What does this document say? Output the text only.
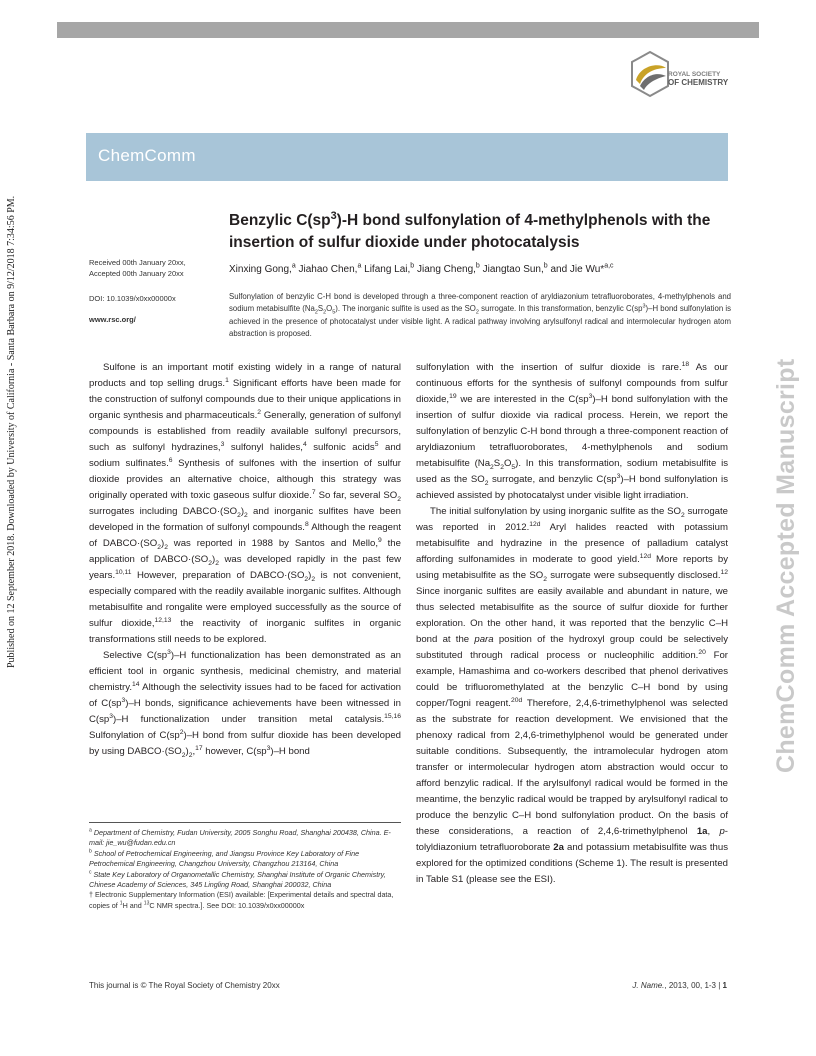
ROYAL SOCIETY
OF CHEMISTRY
ChemComm
Published on 12 September 2018. Downloaded by University of California - Santa Barbara on 9/12/2018 7:34:56 PM.	ChemComm Accepted Manuscript
Benzylic $C(sp^3)-H$ bond sulfonylation of 4-methylphenols with the
insertion of sulfur dioxide under photocatalysis
Received 00th January 20xx,
Accepted 00th January 20xx
DOI: 10.1039/x0xx00000x
www.rsc.org/
Xinxing Gong,$^a$ Jiahao Chen,$^a$ Lifang Lai,$^b$ Jiang Cheng,$^b$ Jiangtao Sun,$^b$ and Jie Wu*$^{a,c}$
Sulfonylation of benzylic C-H bond is developed through a three-component reaction of aryldiazonium tetrafluoroborates, 4-methylphenols and sodium metabisulfite $(Na_2S_2O_5)$. The inorganic sulfite is used as the $SO_2$ surrogate. In this transformation, benzylic $C(sp^3)-H$ bond sulfonylation is achieved in the presence of photocatalyst under visible light. A radical pathway involving arylsulfonyl radical and intermolecular hydrogen atom abstraction is proposed.

Sulfone is an important motif existing widely in a range of natural products and top selling drugs.$^1$ Significant efforts have been made for the construction of sulfonyl compounds due to their unique applications in organic synthesis and pharmaceuticals.$^2$ Generally, generation of sulfonyl compounds is established from readily available sulfonyl precursors, such as sulfonyl hydrazines,$^3$ sulfonyl halides,$^4$ sulfonic acids$^5$ and sodium sulfinates.$^6$ Synthesis of sulfones with the insertion of sulfur dioxide provides an alternative choice, although this strategy was originally operated with toxic gaseous sulfur dioxide.$^7$ So far, several $SO_2$ surrogates including $DABCO\cdot(SO_2)_2$ and inorganic sulfites have been developed in the formation of sulfonyl compounds.$^8$ Although the reagent of $DABCO\cdot(SO_2)_2$ was reported in 1988 by Santos and Mello,$^9$ the application of $DABCO\cdot(SO_2)_2$ was developed rapidly in the past few years.$^{10,11}$ However, preparation of $DABCO\cdot(SO_2)_2$ is not convenient, especially compared with the readily available inorganic sulfites. Although metabisulfite and rongalite were employed successfully as the source of sulfur dioxide,$^{12,13}$ the reactivity of inorganic sulfites in organic transformations still needs to be explored.

Selective $C(sp^3)-H$ functionalization has been demonstrated as an efficient tool in organic synthesis, medicinal chemistry, and material chemistry.$^{14}$ Although the selectivity issues had to be faced for activation of $C(sp^3)-H$ bonds, significance achievements have been witnessed in $C(sp^3)-H$ functionalization under transition metal catalysis.$^{15,16}$ Sulfonylation of $C(sp^2)-H$ bond from sulfur dioxide has been developed by using $DABCO\cdot(SO_2)_2,^{17}$ however, $C(sp^3)-H$ bond

$^a$ Department of Chemistry, Fudan University, 2005 Songhu Road, Shanghai 200438, China. E-mail: jie_wu@fudan.edu.cn

$^b$ School of Petrochemical Engineering, and Jiangsu Province Key Laboratory of Fine Petrochemical Engineering, Changzhou University, Changzhou 213164, China

$^c$ State Key Laboratory of Organometallic Chemistry, Shanghai Institute of Organic Chemistry, Chinese Academy of Sciences, 345 Lingling Road, Shanghai 200032, China

† Electronic Supplementary Information (ESI) available: [Experimental details and spectral data, copies of $^1$H and $^{13}$C NMR spectra.]. See DOI: 10.1039/x0xx00000x

sulfonylation with the insertion of sulfur dioxide is rare.$^{18}$ As our continuous efforts for the synthesis of sulfonyl compounds from sulfur dioxide,$^{19}$ we are interested in the $C(sp^3)-H$ bond sulfonylation with the insertion of sulfur dioxide via radical process. Herein, we report the sulfonylation of benzylic C-H bond through a three-component reaction of aryldiazonium tetrafluoroborates, 4-methylphenols and sodium metabisulfite $(Na_2S_2O_5)$. In this transformation, sodium metabisulfite is used as the $SO_2$ surrogate, and benzylic $C(sp^3)-H$ bond sulfonylation is achieved assisted by photocatalyst under visible light irradiation.

The initial sulfonylation by using inorganic sulfite as the $SO_2$ surrogate was reported in 2012.$^{12d}$ Aryl halides reacted with potassium metabisulfite and hydrazine in the presence of palladium catalyst affording sulfonamides in moderate to good yield.$^{12d}$ More reports by using metabisulfite as the $SO_2$ surrogate were subsequently disclosed.$^{12}$ Since inorganic sulfites are easily available and abundant in nature, we thus selected metabisulfite as the source of sulfur dioxide for further exploration. On the other hand, it was reported that the benzylic C–H bond at the para position of the hydroxyl group could be selectively substituted through radical process or nucleophilic addition.$^{20}$ For example, Hamashima and co-workers described that phenol derivatives could be trifluoromethylated at the benzylic C–H bond by using copper/Togni reagent.$^{20d}$ Therefore, 2,4,6-trimethylphenol was selected as the substrate for reaction development. We envisioned that the phenoxy radical from 2,4,6-trimethylphenol would be generated under suitable conditions. Subsequently, the intramolecular hydrogen atom transfer or intermolecular hydrogen atom abstraction would occur to afford benzylic radical. If the arylsulfonyl radical would be formed in the meantime, the benzylic radical would be trapped by arylsulfonyl radical to produce the benzylic C–H bond sulfonylation product. On the basis of these considerations, a reaction of 2,4,6-trimethylphenol 1a, p-tolyldiazonium tetrafluoroborate 2a and potassium metabisulfite was thus explored for the optimized conditions (Scheme 1). The result is presented in Table S1 (please see the ESI).

This journal is © The Royal Society of Chemistry 20xx	J. Name., 2013, 00, 1-3 | 1
